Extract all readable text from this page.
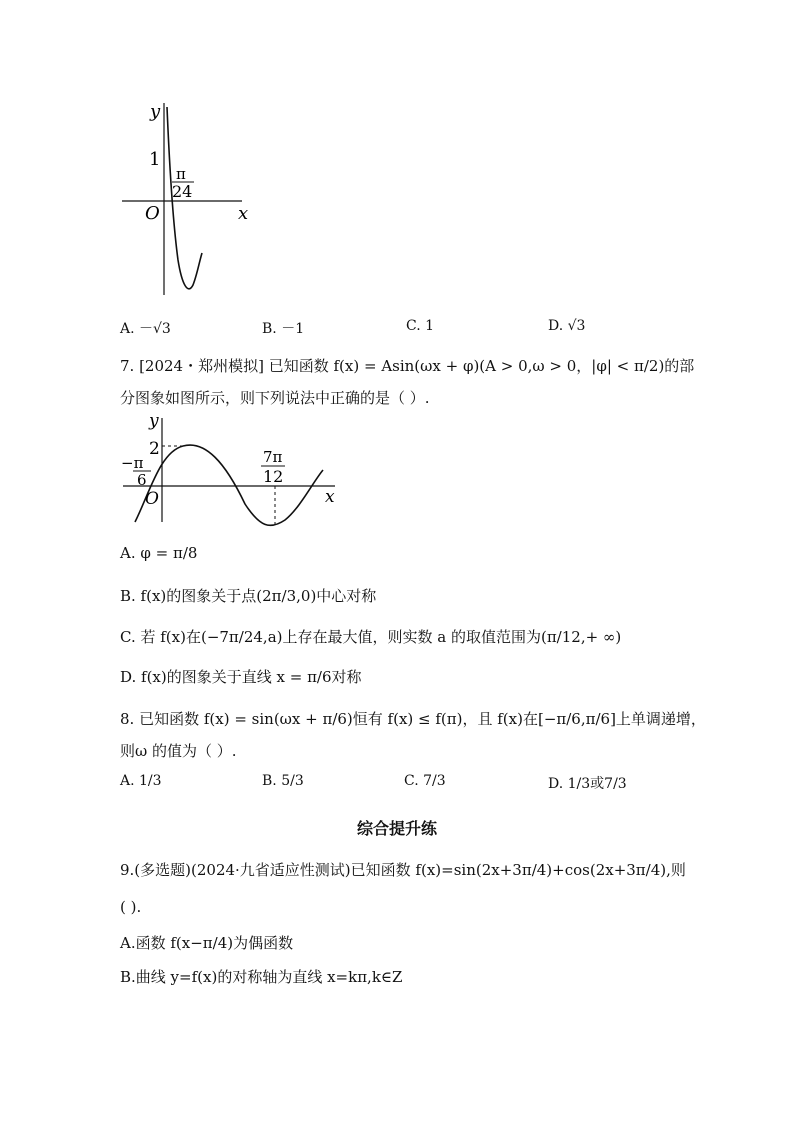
y
x
O
1
π
24
A. －√3	B. －1	C. 1	D. √3
7. [2024・郑州模拟] 已知函数 f(x) = Asin(ωx + φ)(A > 0,ω > 0，|φ| < π/2)的部
分图象如图所示，则下列说法中正确的是（ ）.
y
x
O
2
−π
6
7π
12
A. φ = π/8
B. f(x)的图象关于点(2π/3,0)中心对称
C. 若 f(x)在(−7π/24,a)上存在最大值，则实数 a 的取值范围为(π/12,+ ∞)
D. f(x)的图象关于直线 x = π/6对称
8. 已知函数 f(x) = sin(ωx + π/6)恒有 f(x) ≤ f(π)，且 f(x)在[−π/6,π/6]上单调递增，
则ω 的值为（ ）.
A. 1/3	B. 5/3	C. 7/3	D. 1/3或7/3
综合提升练
9.(多选题)(2024·九省适应性测试)已知函数 f(x)=sin(2x+3π/4)+cos(2x+3π/4),则
( ).
A.函数 f(x−π/4)为偶函数
B.曲线 y=f(x)的对称轴为直线 x=kπ,k∈Z
